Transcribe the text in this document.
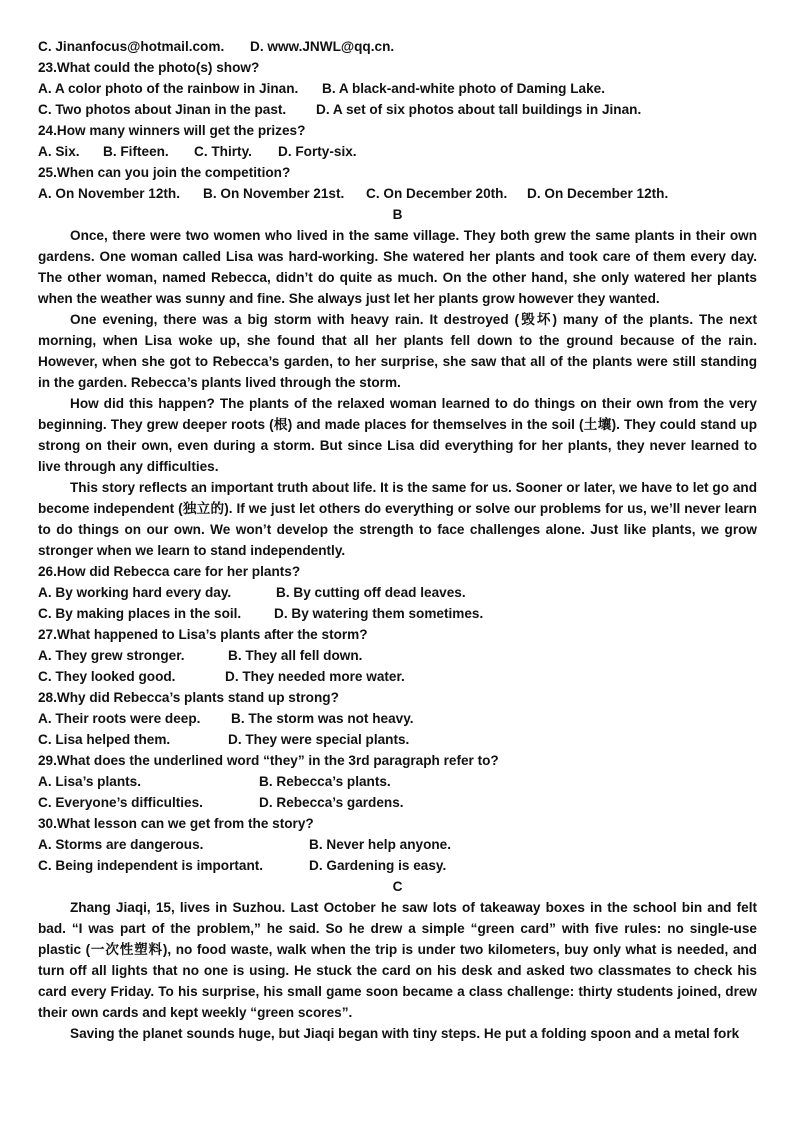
C. Jinanfocus@hotmail.com. D. www.JNWL@qq.cn.
23.What could the photo(s) show?
A. A color photo of the rainbow in Jinan. B. A black-and-white photo of Daming Lake.
C. Two photos about Jinan in the past. D. A set of six photos about tall buildings in Jinan.
24.How many winners will get the prizes?
A. Six. B. Fifteen. C. Thirty. D. Forty-six.
25.When can you join the competition?
A. On November 12th. B. On November 21st. C. On December 20th. D. On December 12th.
B

Once, there were two women who lived in the same village. They both grew the same plants in their own gardens. One woman called Lisa was hard-working. She watered her plants and took care of them every day. The other woman, named Rebecca, didn’t do quite as much. On the other hand, she only watered her plants when the weather was sunny and fine. She always just let her plants grow however they wanted.

One evening, there was a big storm with heavy rain. It destroyed (毁坏) many of the plants. The next morning, when Lisa woke up, she found that all her plants fell down to the ground because of the rain. However, when she got to Rebecca’s garden, to her surprise, she saw that all of the plants were still standing in the garden. Rebecca’s plants lived through the storm.

How did this happen? The plants of the relaxed woman learned to do things on their own from the very beginning. They grew deeper roots (根) and made places for themselves in the soil (土壤). They could stand up strong on their own, even during a storm. But since Lisa did everything for her plants, they never learned to live through any difficulties.

This story reflects an important truth about life. It is the same for us. Sooner or later, we have to let go and become independent (独立的). If we just let others do everything or solve our problems for us, we’ll never learn to do things on our own. We won’t develop the strength to face challenges alone. Just like plants, we grow stronger when we learn to stand independently.

26.How did Rebecca care for her plants?
A. By working hard every day.	B. By cutting off dead leaves.
C. By making places in the soil. D. By watering them sometimes.
27.What happened to Lisa’s plants after the storm?
A. They grew stronger.	B. They all fell down.
C. They looked good.	D. They needed more water.
28.Why did Rebecca’s plants stand up strong?
A. Their roots were deep. B. The storm was not heavy.
C. Lisa helped them.	D. They were special plants.
29.What does the underlined word “they” in the 3rd paragraph refer to?
A. Lisa’s plants.	B. Rebecca’s plants.
C. Everyone’s difficulties.	D. Rebecca’s gardens.
30.What lesson can we get from the story?
A. Storms are dangerous.	B. Never help anyone.
C. Being independent is important.	D. Gardening is easy.
C

Zhang Jiaqi, 15, lives in Suzhou. Last October he saw lots of takeaway boxes in the school bin and felt bad. “I was part of the problem,” he said. So he drew a simple “green card” with five rules: no single-use plastic (一次性塑料), no food waste, walk when the trip is under two kilometers, buy only what is needed, and turn off all lights that no one is using. He stuck the card on his desk and asked two classmates to check his card every Friday. To his surprise, his small game soon became a class challenge: thirty students joined, drew their own cards and kept weekly “green scores”.

Saving the planet sounds huge, but Jiaqi began with tiny steps. He put a folding spoon and a metal fork
